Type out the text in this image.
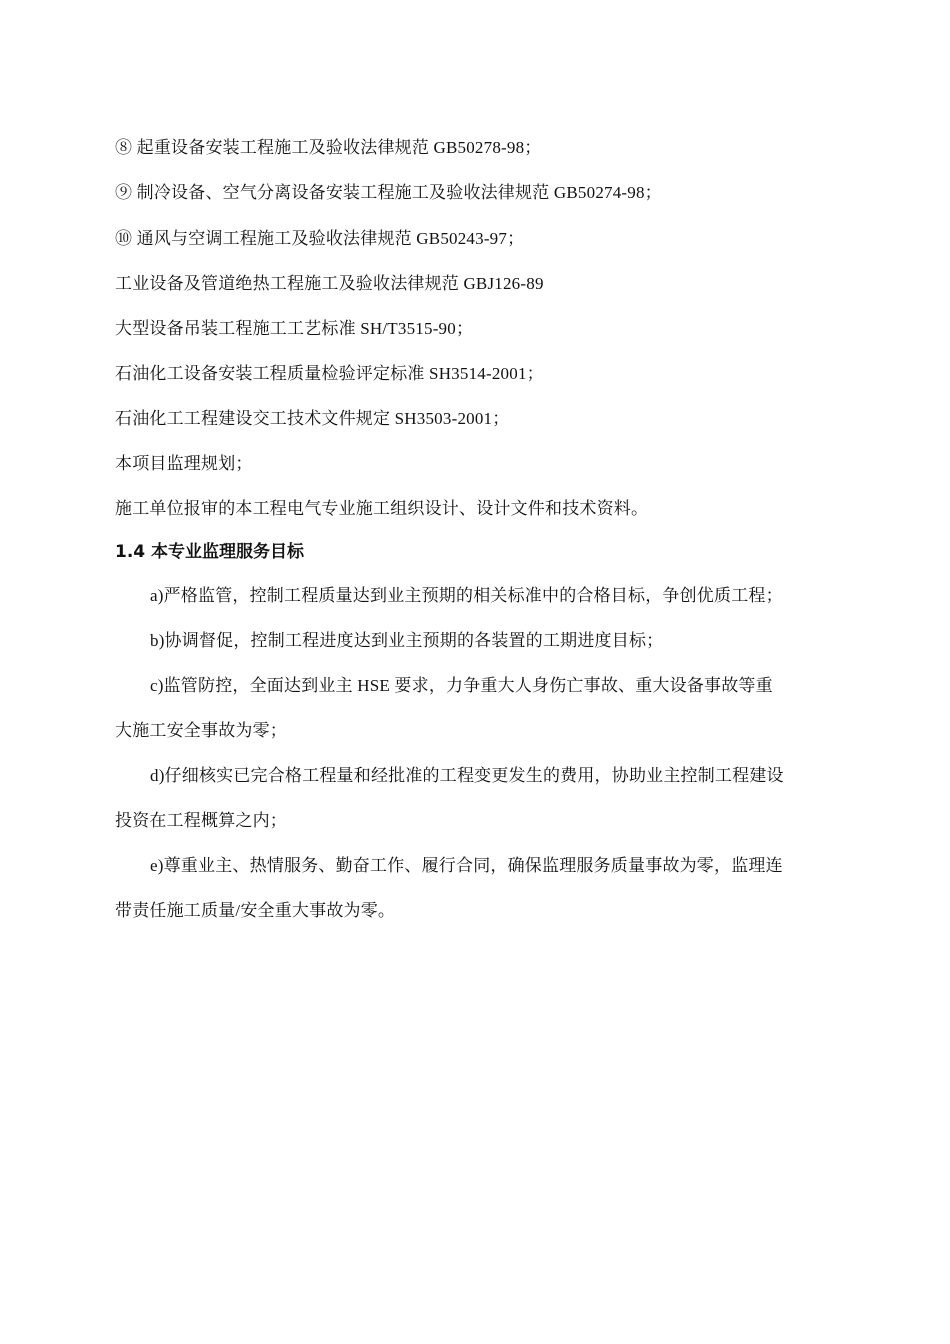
⑧ 起重设备安装工程施工及验收法律规范 GB50278-98；
⑨ 制冷设备、空气分离设备安装工程施工及验收法律规范 GB50274-98；
⑩ 通风与空调工程施工及验收法律规范 GB50243-97；
工业设备及管道绝热工程施工及验收法律规范 GBJ126-89
大型设备吊装工程施工工艺标准 SH/T3515-90；
石油化工设备安装工程质量检验评定标准 SH3514-2001；
石油化工工程建设交工技术文件规定 SH3503-2001；
本项目监理规划；
施工单位报审的本工程电气专业施工组织设计、设计文件和技术资料。
1.4 本专业监理服务目标
a)严格监管，控制工程质量达到业主预期的相关标准中的合格目标，争创优质工程；
b)协调督促，控制工程进度达到业主预期的各装置的工期进度目标；
c)监管防控，全面达到业主 HSE 要求，力争重大人身伤亡事故、重大设备事故等重
大施工安全事故为零；
d)仔细核实已完合格工程量和经批准的工程变更发生的费用，协助业主控制工程建设
投资在工程概算之内；
e)尊重业主、热情服务、勤奋工作、履行合同，确保监理服务质量事故为零，监理连
带责任施工质量/安全重大事故为零。
